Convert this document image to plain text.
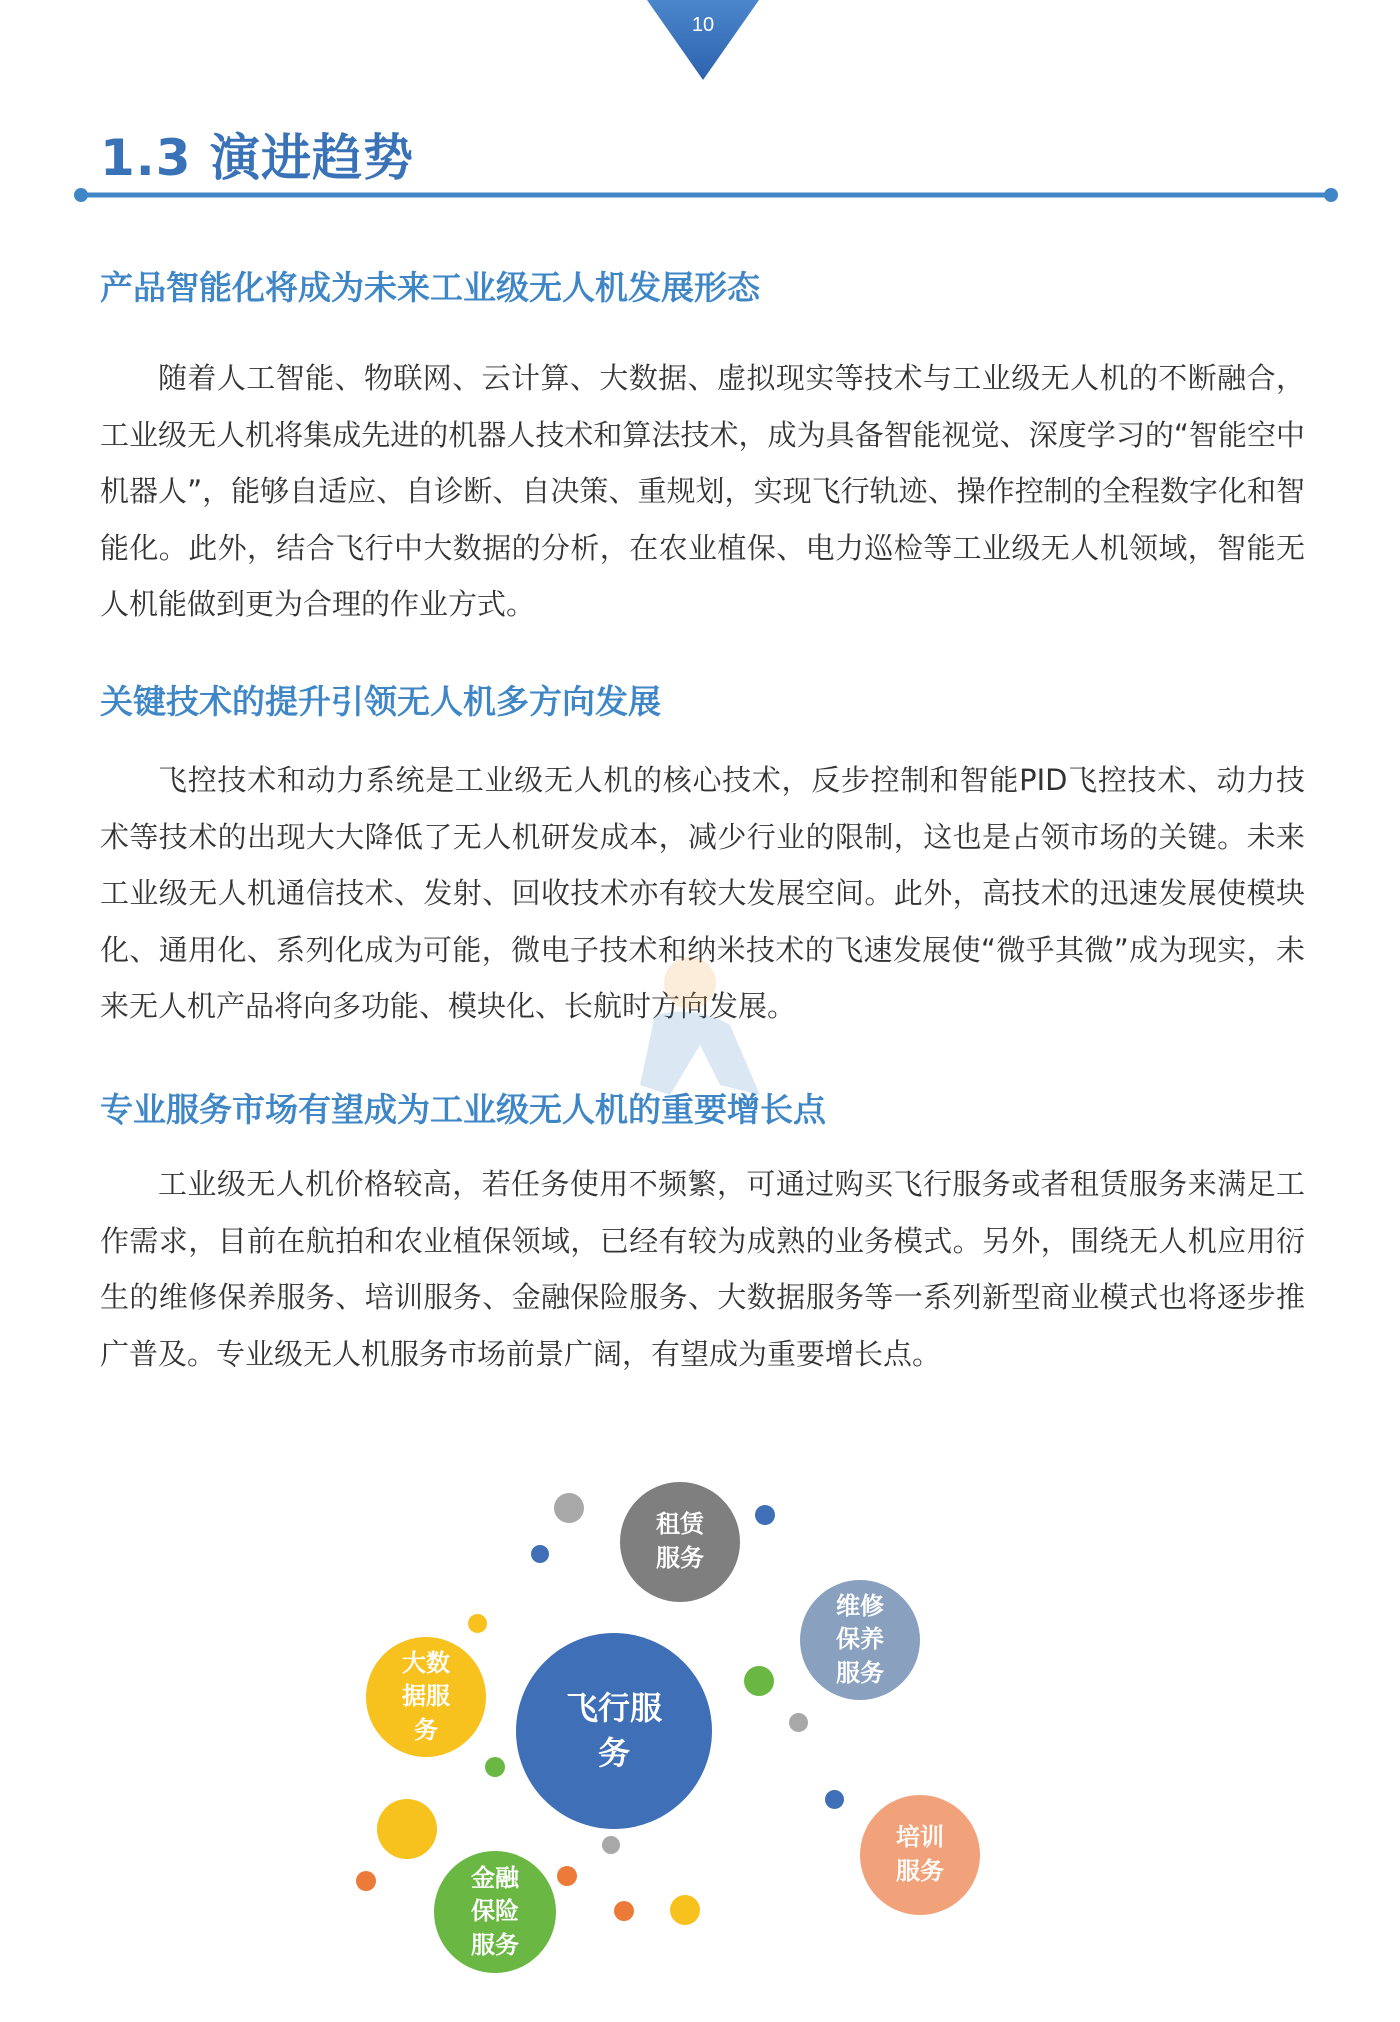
10
1.3 演进趋势
产品智能化将成为未来工业级无人机发展形态

随着人工智能、物联网、云计算、大数据、虚拟现实等技术与工业级无人机的不断融合，工业级无人机将集成先进的机器人技术和算法技术，成为具备智能视觉、深度学习的“智能空中机器人”，能够自适应、自诊断、自决策、重规划，实现飞行轨迹、操作控制的全程数字化和智能化。此外，结合飞行中大数据的分析，在农业植保、电力巡检等工业级无人机领域，智能无人机能做到更为合理的作业方式。

关键技术的提升引领无人机多方向发展

飞控技术和动力系统是工业级无人机的核心技术，反步控制和智能PID飞控技术、动力技术等技术的出现大大降低了无人机研发成本，减少行业的限制，这也是占领市场的关键。未来工业级无人机通信技术、发射、回收技术亦有较大发展空间。此外，高技术的迅速发展使模块化、通用化、系列化成为可能，微电子技术和纳米技术的飞速发展使“微乎其微”成为现实，未来无人机产品将向多功能、模块化、长航时方向发展。

专业服务市场有望成为工业级无人机的重要增长点

工业级无人机价格较高，若任务使用不频繁，可通过购买飞行服务或者租赁服务来满足工作需求，目前在航拍和农业植保领域，已经有较为成熟的业务模式。另外，围绕无人机应用衍生的维修保养服务、培训服务、金融保险服务、大数据服务等一系列新型商业模式也将逐步推广普及。专业级无人机服务市场前景广阔，有望成为重要增长点。

飞行服
务
租赁
服务
维修
保养
服务
大数
据服
务
培训
服务
金融
保险
服务
